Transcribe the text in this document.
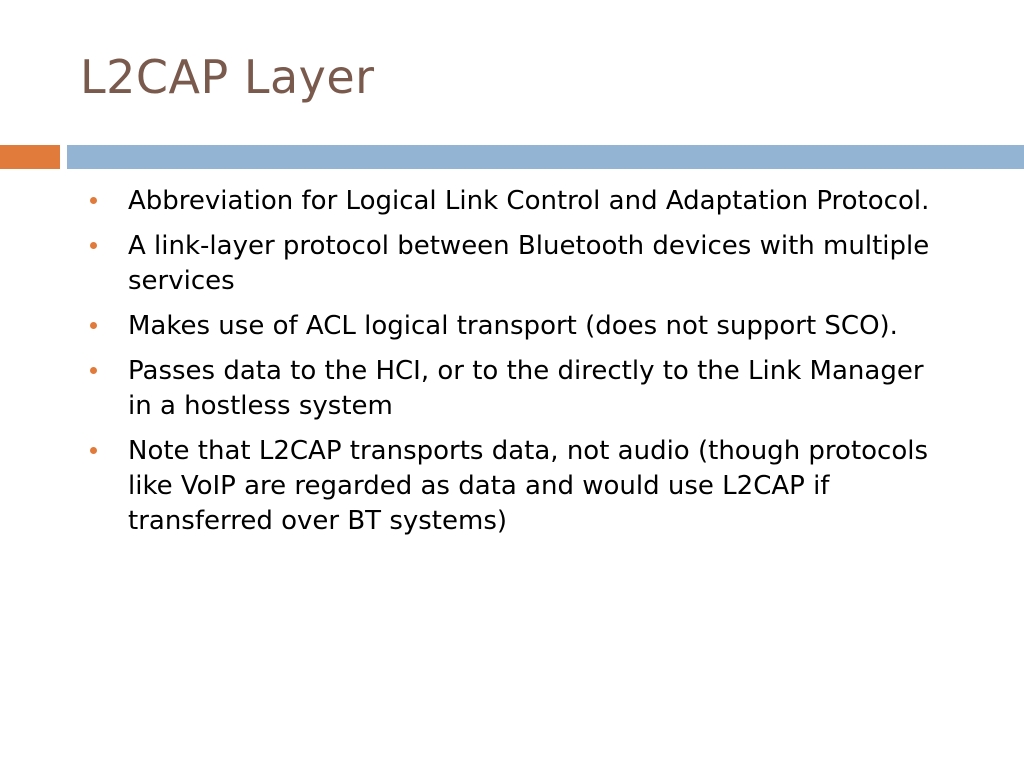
L2CAP Layer
Abbreviation for Logical Link Control and Adaptation Protocol.
A link-layer protocol between Bluetooth devices with multiple services
Makes use of ACL logical transport (does not support SCO).
Passes data to the HCI, or to the directly to the Link Manager in a hostless system
Note that L2CAP transports data, not audio (though protocols like VoIP are regarded as data and would use L2CAP if transferred over BT systems)
